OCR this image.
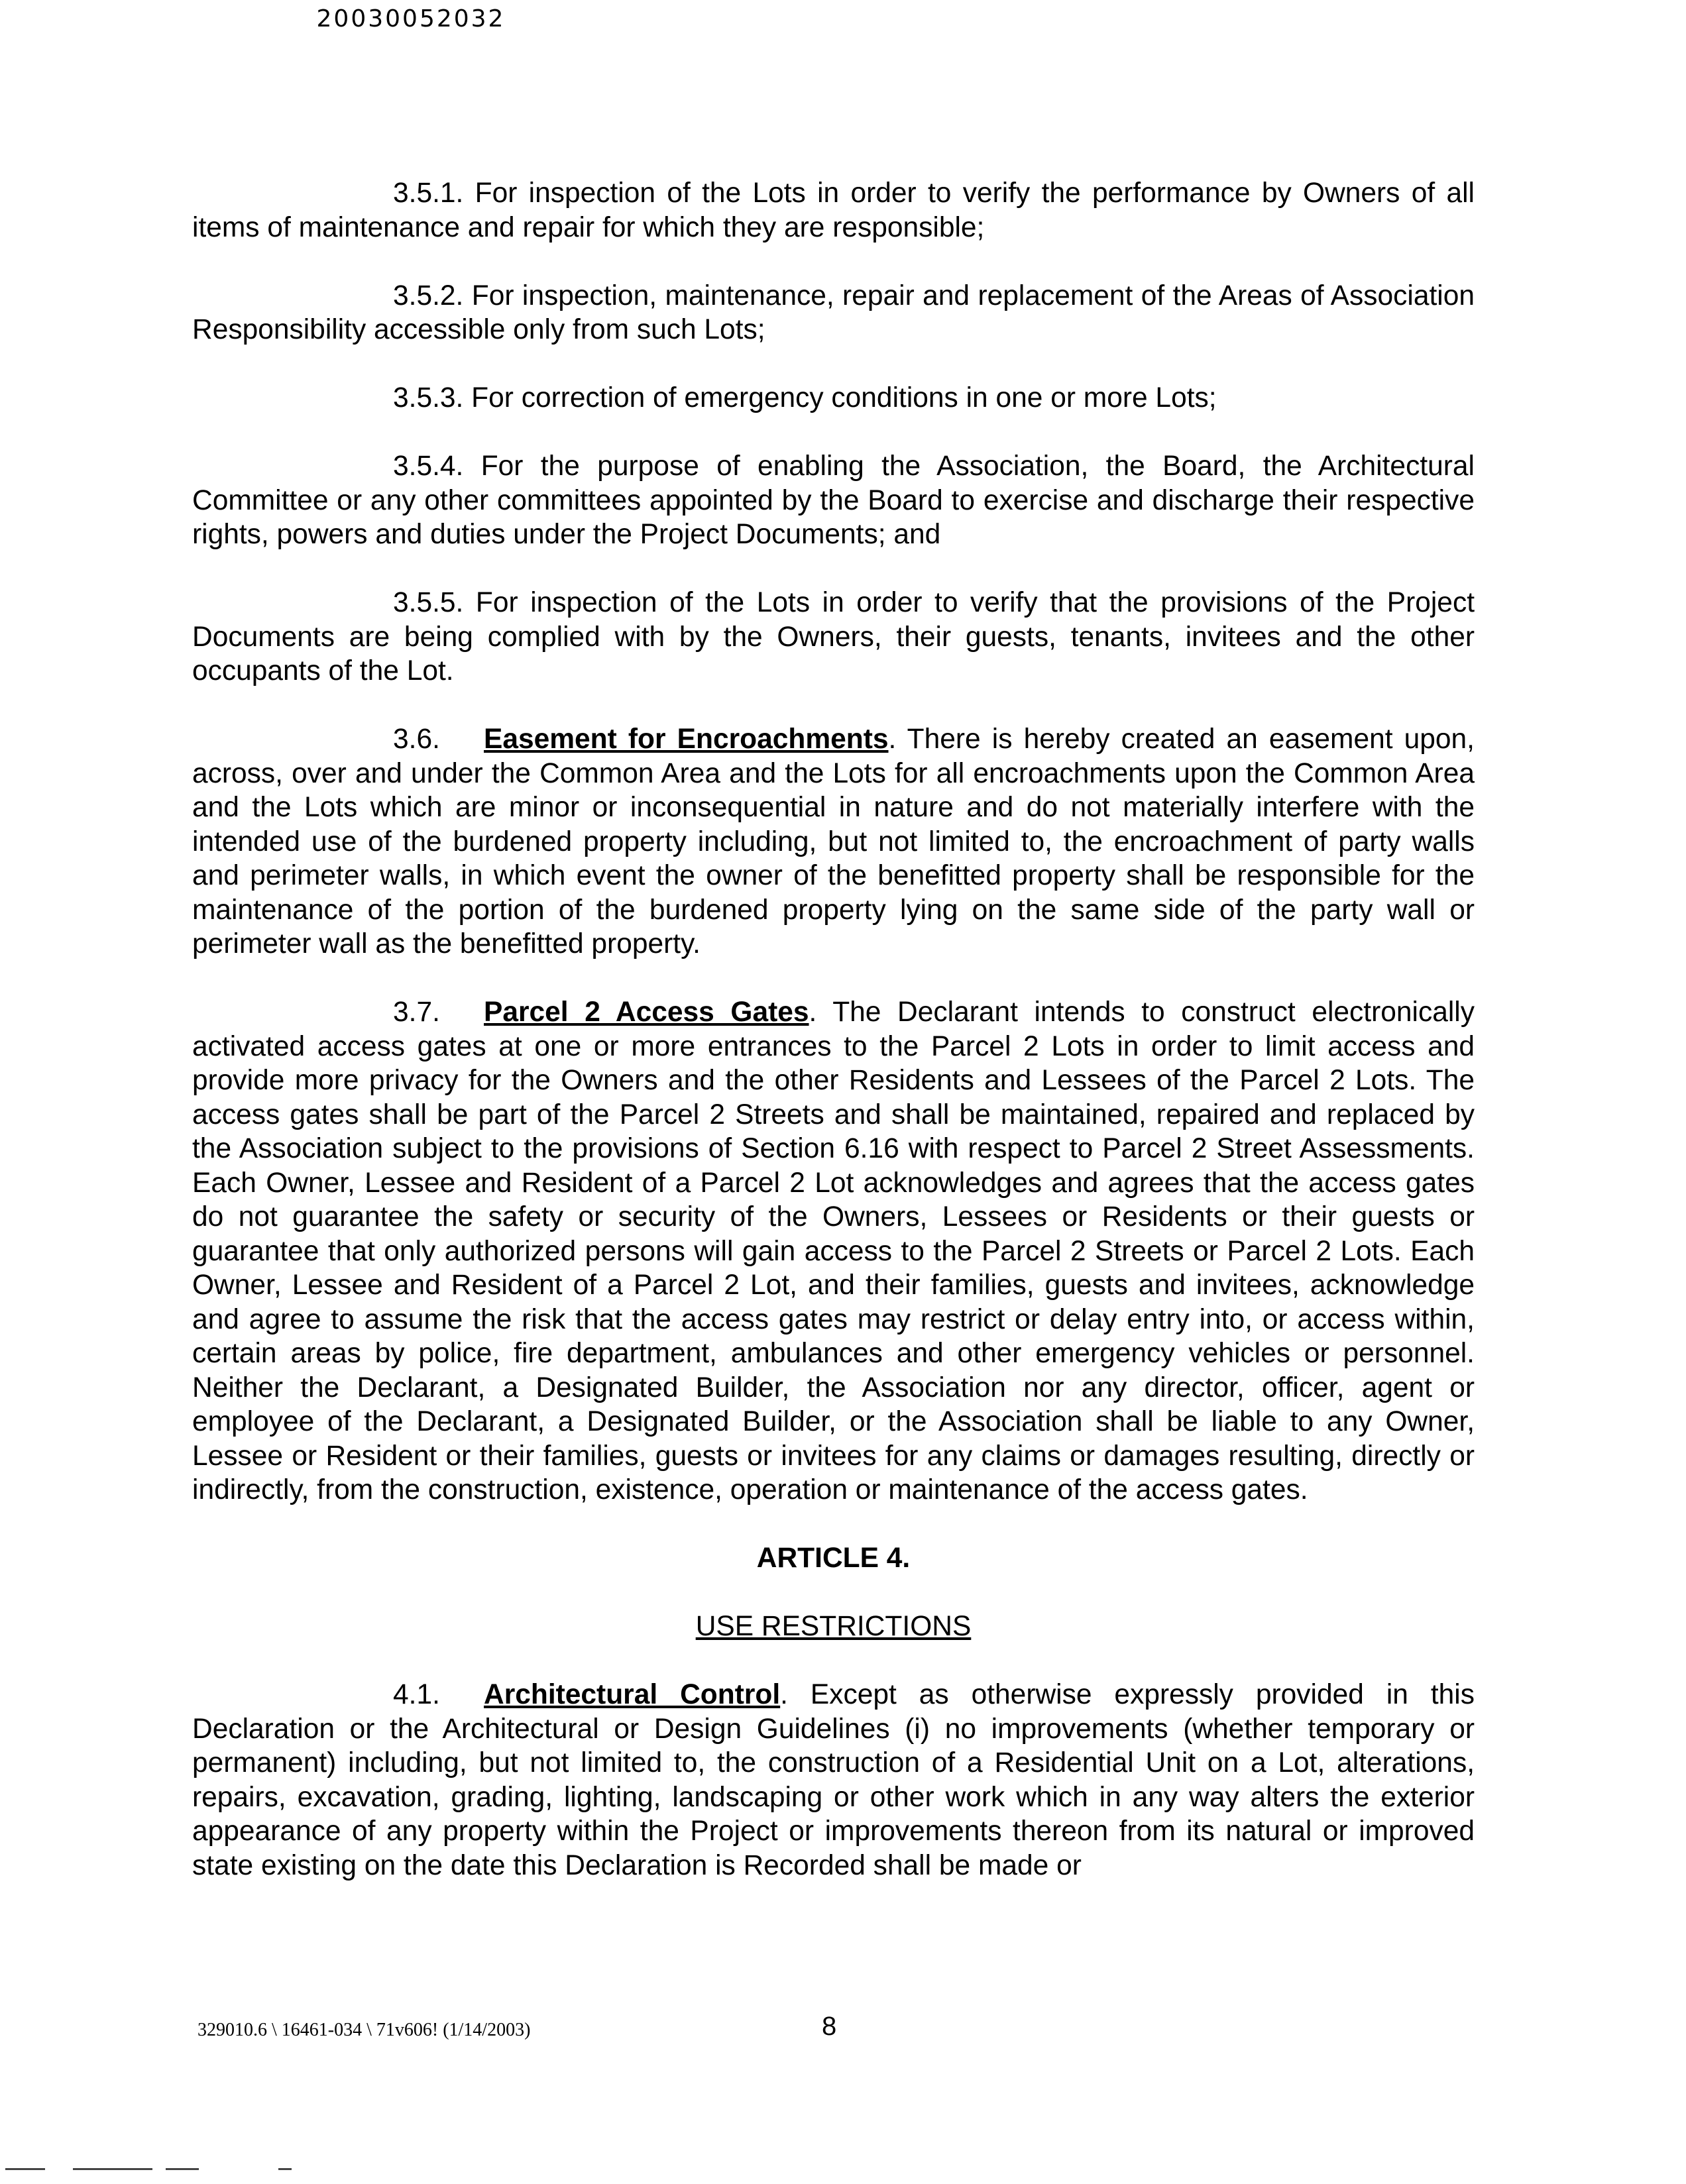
20030052032

3.5.1. For inspection of the Lots in order to verify the performance by Owners of all items of maintenance and repair for which they are responsible;

3.5.2. For inspection, maintenance, repair and replacement of the Areas of Association Responsibility accessible only from such Lots;

3.5.3. For correction of emergency conditions in one or more Lots;

3.5.4. For the purpose of enabling the Association, the Board, the Architectural Committee or any other committees appointed by the Board to exercise and discharge their respective rights, powers and duties under the Project Documents; and

3.5.5. For inspection of the Lots in order to verify that the provisions of the Project Documents are being complied with by the Owners, their guests, tenants, invitees and the other occupants of the Lot.

3.6. Easement for Encroachments. There is hereby created an easement upon, across, over and under the Common Area and the Lots for all encroachments upon the Common Area and the Lots which are minor or inconsequential in nature and do not materially interfere with the intended use of the burdened property including, but not limited to, the encroachment of party walls and perimeter walls, in which event the owner of the benefitted property shall be responsible for the maintenance of the portion of the burdened property lying on the same side of the party wall or perimeter wall as the benefitted property.

3.7. Parcel 2 Access Gates. The Declarant intends to construct electronically activated access gates at one or more entrances to the Parcel 2 Lots in order to limit access and provide more privacy for the Owners and the other Residents and Lessees of the Parcel 2 Lots. The access gates shall be part of the Parcel 2 Streets and shall be maintained, repaired and replaced by the Association subject to the provisions of Section 6.16 with respect to Parcel 2 Street Assessments. Each Owner, Lessee and Resident of a Parcel 2 Lot acknowledges and agrees that the access gates do not guarantee the safety or security of the Owners, Lessees or Residents or their guests or guarantee that only authorized persons will gain access to the Parcel 2 Streets or Parcel 2 Lots. Each Owner, Lessee and Resident of a Parcel 2 Lot, and their families, guests and invitees, acknowledge and agree to assume the risk that the access gates may restrict or delay entry into, or access within, certain areas by police, fire department, ambulances and other emergency vehicles or personnel. Neither the Declarant, a Designated Builder, the Association nor any director, officer, agent or employee of the Declarant, a Designated Builder, or the Association shall be liable to any Owner, Lessee or Resident or their families, guests or invitees for any claims or damages resulting, directly or indirectly, from the construction, existence, operation or maintenance of the access gates.

ARTICLE 4.
USE RESTRICTIONS

4.1. Architectural Control. Except as otherwise expressly provided in this Declaration or the Architectural or Design Guidelines (i) no improvements (whether temporary or permanent) including, but not limited to, the construction of a Residential Unit on a Lot, alterations, repairs, excavation, grading, lighting, landscaping or other work which in any way alters the exterior appearance of any property within the Project or improvements thereon from its natural or improved state existing on the date this Declaration is Recorded shall be made or

329010.6 \ 16461-034 \ 71v606! (1/14/2003)	8
